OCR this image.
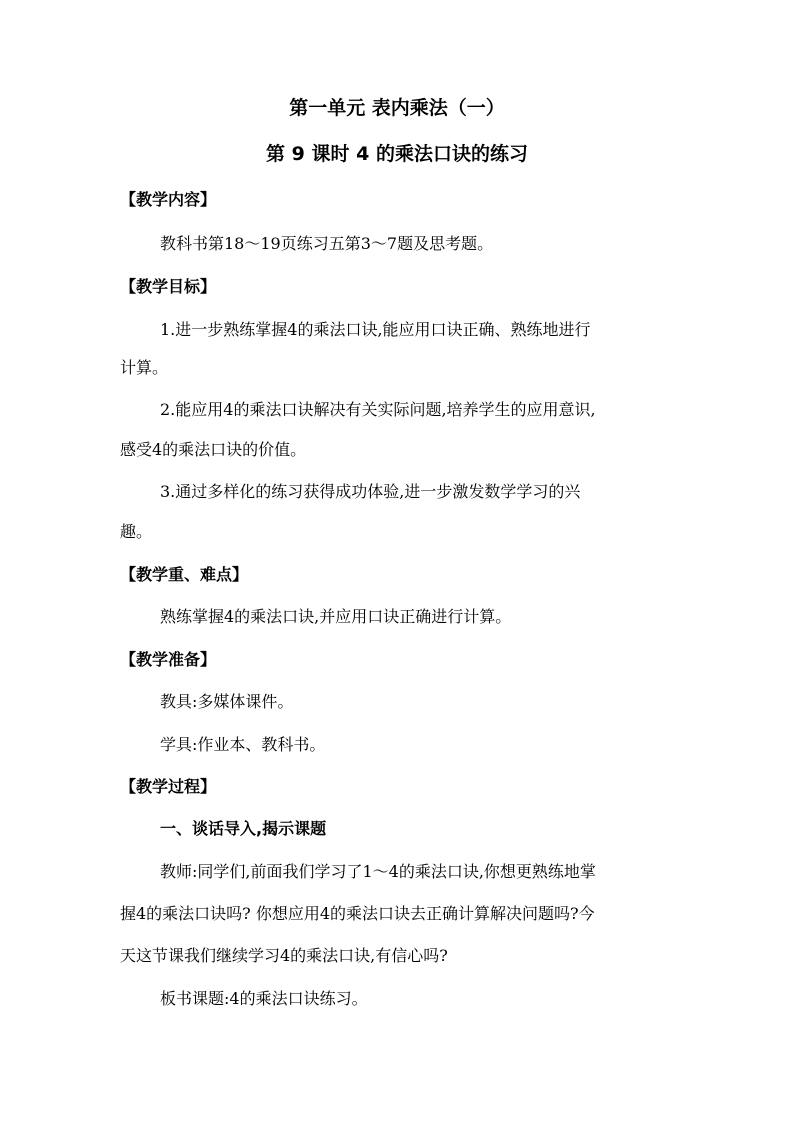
第一单元 表内乘法（一）
第 9 课时 4 的乘法口诀的练习
【教学内容】
教科书第18～19页练习五第3～7题及思考题。
【教学目标】
1.进一步熟练掌握4的乘法口诀,能应用口诀正确、熟练地进行
计算。
2.能应用4的乘法口诀解决有关实际问题,培养学生的应用意识,
感受4的乘法口诀的价值。
3.通过多样化的练习获得成功体验,进一步激发数学学习的兴
趣。
【教学重、难点】
熟练掌握4的乘法口诀,并应用口诀正确进行计算。
【教学准备】
教具:多媒体课件。
学具:作业本、教科书。
【教学过程】
一、谈话导入,揭示课题
教师:同学们,前面我们学习了1～4的乘法口诀,你想更熟练地掌
握4的乘法口诀吗? 你想应用4的乘法口诀去正确计算解决问题吗?今
天这节课我们继续学习4的乘法口诀,有信心吗?
板书课题:4的乘法口诀练习。
